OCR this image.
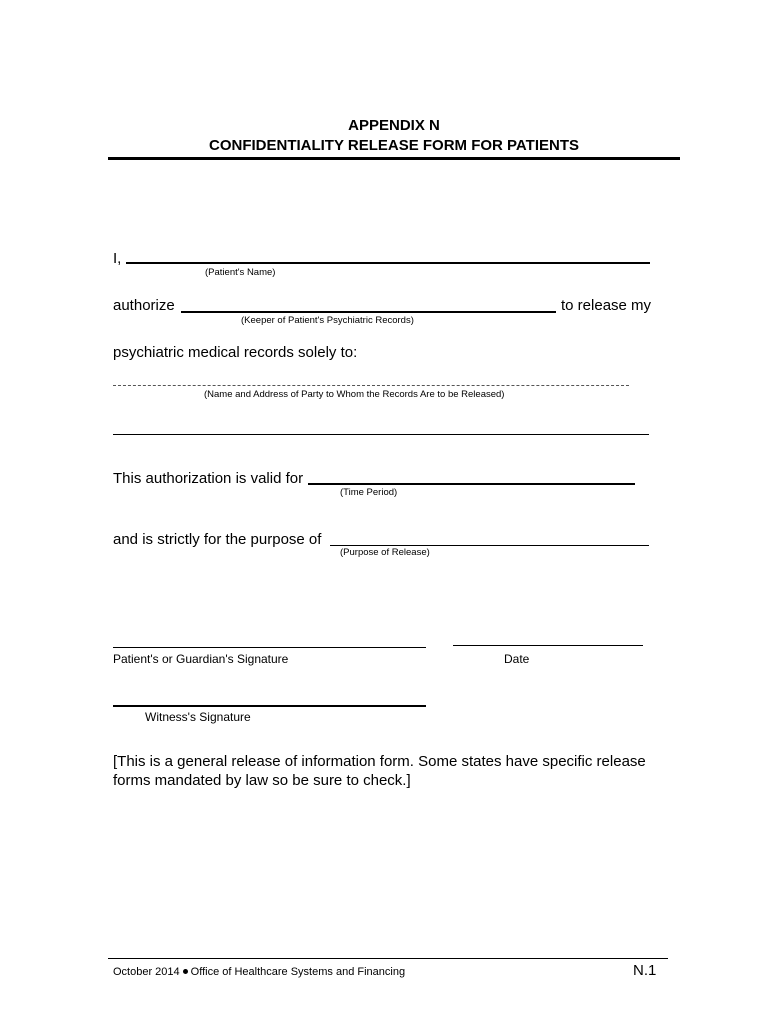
APPENDIX N
CONFIDENTIALITY RELEASE FORM FOR PATIENTS
I,
(Patient's Name)
authorize	to release my
(Keeper of Patient's Psychiatric Records)
psychiatric medical records solely to:
(Name and Address of Party to Whom the Records Are to be Released)
This authorization is valid for
(Time Period)
and is strictly for the purpose of
(Purpose of Release)
Patient's or Guardian's Signature	Date
Witness's Signature
[This is a general release of information form. Some states have specific release forms mandated by law so be sure to check.]
October 2014 Office of Healthcare Systems and Financing	N.1
